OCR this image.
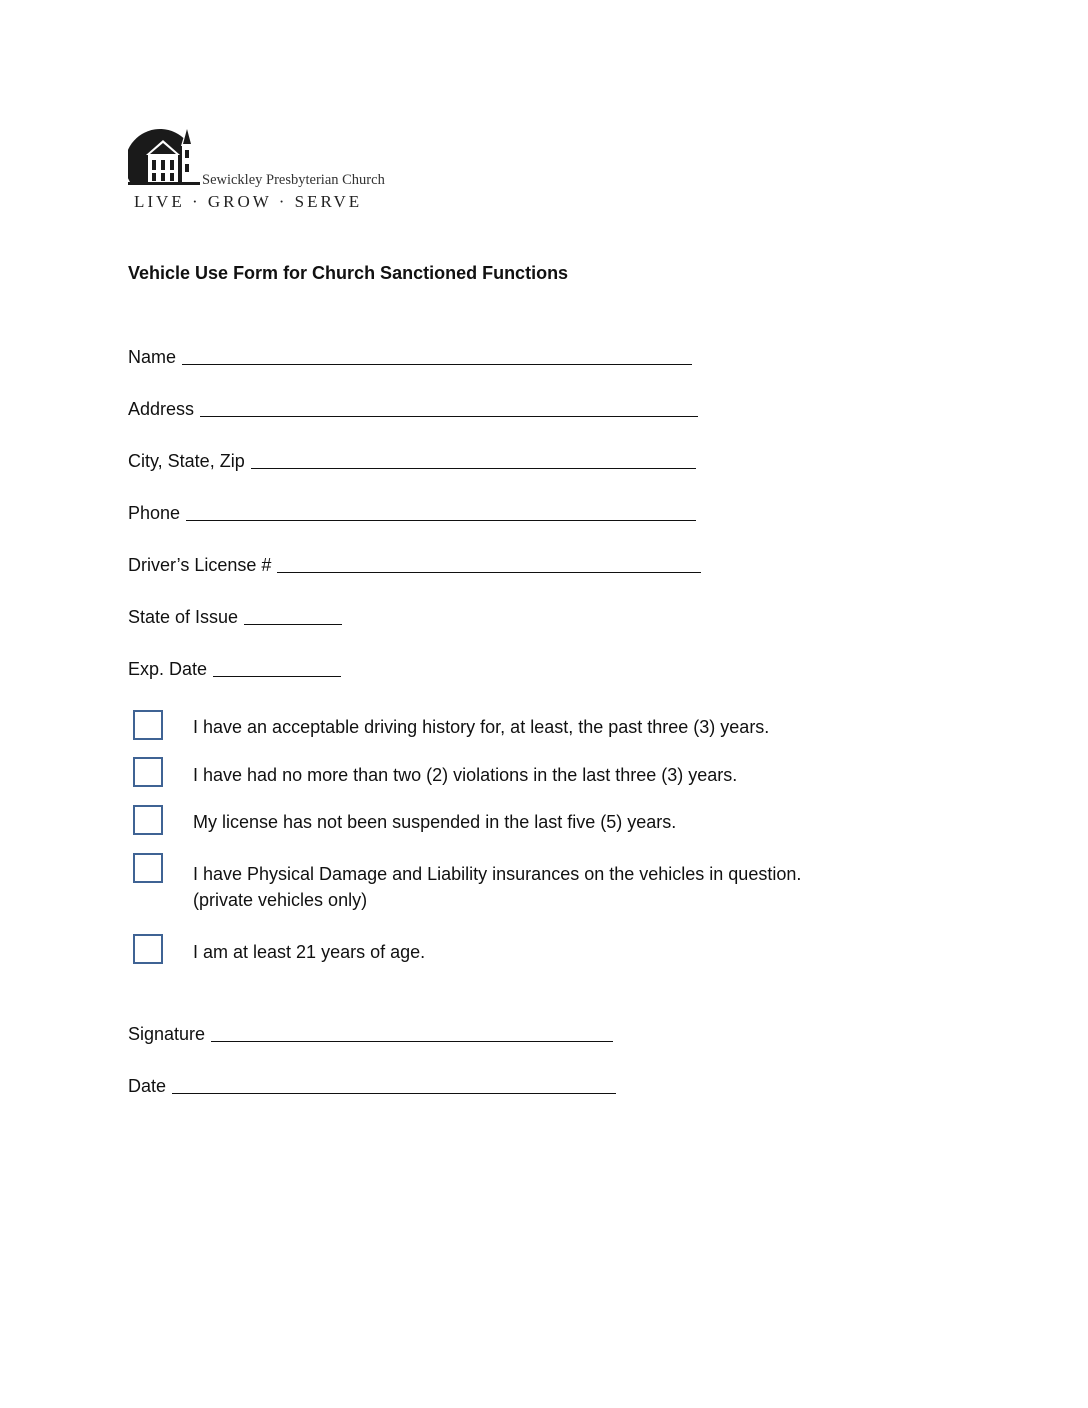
Sewickley Presbyterian Church
LIVE · GROW · SERVE
Vehicle Use Form for Church Sanctioned Functions
Name
Address
City, State, Zip
Phone
Driver’s License #
State of Issue
Exp. Date
I have an acceptable driving history for, at least, the past three (3) years.
I have had no more than two (2) violations in the last three (3) years.
My license has not been suspended in the last five (5) years.
I have Physical Damage and Liability insurances on the vehicles in question.
(private vehicles only)
I am at least 21 years of age.
Signature
Date
